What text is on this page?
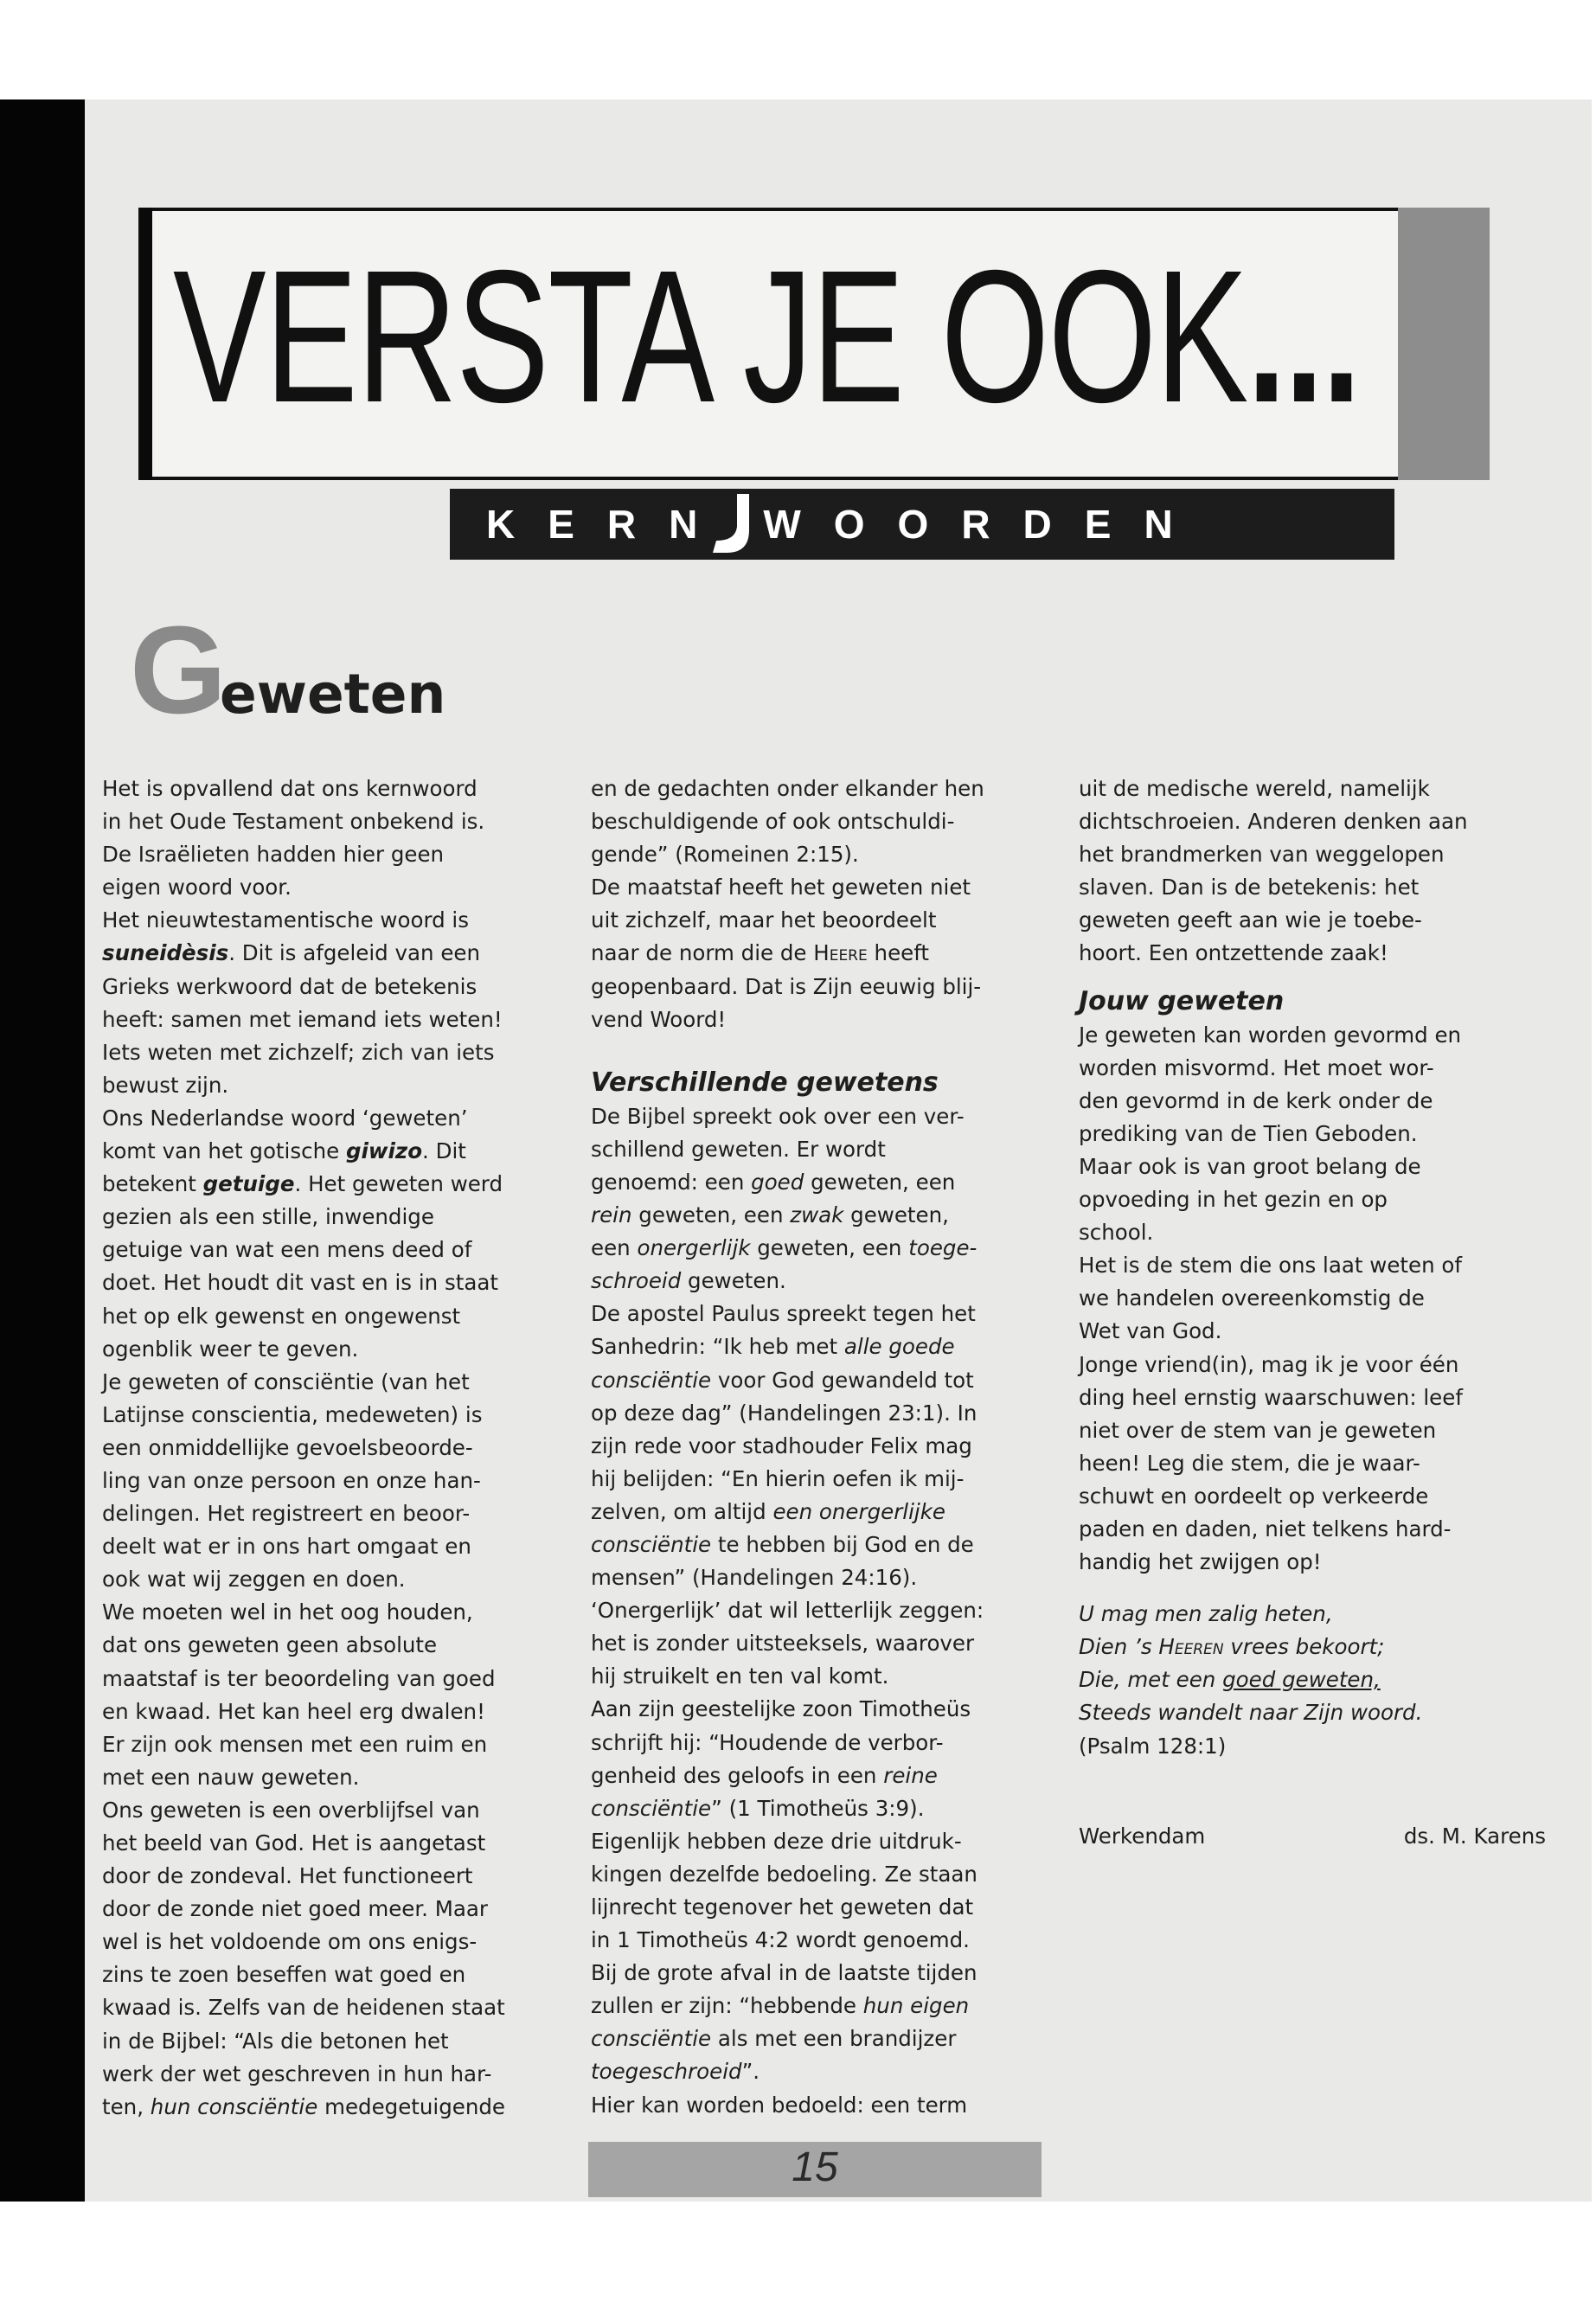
VERSTA JE OOK...
KERN WOORDEN
Geweten

Het is opvallend dat ons kernwoord

in het Oude Testament onbekend is.

De Israëlieten hadden hier geen

eigen woord voor.

Het nieuwtestamentische woord is

suneidèsis. Dit is afgeleid van een

Grieks werkwoord dat de betekenis

heeft: samen met iemand iets weten!

Iets weten met zichzelf; zich van iets

bewust zijn.

Ons Nederlandse woord ‘geweten’

komt van het gotische giwizo. Dit

betekent getuige. Het geweten werd

gezien als een stille, inwendige

getuige van wat een mens deed of

doet. Het houdt dit vast en is in staat

het op elk gewenst en ongewenst

ogenblik weer te geven.

Je geweten of consciëntie (van het

Latijnse conscientia, medeweten) is

een onmiddellijke gevoelsbeoorde-

ling van onze persoon en onze han-

delingen. Het registreert en beoor-

deelt wat er in ons hart omgaat en

ook wat wij zeggen en doen.

We moeten wel in het oog houden,

dat ons geweten geen absolute

maatstaf is ter beoordeling van goed

en kwaad. Het kan heel erg dwalen!

Er zijn ook mensen met een ruim en

met een nauw geweten.

Ons geweten is een overblijfsel van

het beeld van God. Het is aangetast

door de zondeval. Het functioneert

door de zonde niet goed meer. Maar

wel is het voldoende om ons enigs-

zins te zoen beseffen wat goed en

kwaad is. Zelfs van de heidenen staat

in de Bijbel: “Als die betonen het

werk der wet geschreven in hun har-

ten, hun consciëntie medegetuigende

en de gedachten onder elkander hen

beschuldigende of ook ontschuldi-

gende” (Romeinen 2:15).

De maatstaf heeft het geweten niet

uit zichzelf, maar het beoordeelt

naar de norm die de Heere heeft

geopenbaard. Dat is Zijn eeuwig blij-

vend Woord!

Verschillende gewetens

De Bijbel spreekt ook over een ver-

schillend geweten. Er wordt

genoemd: een goed geweten, een

rein geweten, een zwak geweten,

een onergerlijk geweten, een toege-

schroeid geweten.

De apostel Paulus spreekt tegen het

Sanhedrin: “Ik heb met alle goede

consciëntie voor God gewandeld tot

op deze dag” (Handelingen 23:1). In

zijn rede voor stadhouder Felix mag

hij belijden: “En hierin oefen ik mij-

zelven, om altijd een onergerlijke

consciëntie te hebben bij God en de

mensen” (Handelingen 24:16).

‘Onergerlijk’ dat wil letterlijk zeggen:

het is zonder uitsteeksels, waarover

hij struikelt en ten val komt.

Aan zijn geestelijke zoon Timotheüs

schrijft hij: “Houdende de verbor-

genheid des geloofs in een reine

consciëntie” (1 Timotheüs 3:9).

Eigenlijk hebben deze drie uitdruk-

kingen dezelfde bedoeling. Ze staan

lijnrecht tegenover het geweten dat

in 1 Timotheüs 4:2 wordt genoemd.

Bij de grote afval in de laatste tijden

zullen er zijn: “hebbende hun eigen

consciëntie als met een brandijzer

toegeschroeid”.

Hier kan worden bedoeld: een term

uit de medische wereld, namelijk

dichtschroeien. Anderen denken aan

het brandmerken van weggelopen

slaven. Dan is de betekenis: het

geweten geeft aan wie je toebe-

hoort. Een ontzettende zaak!

Jouw geweten

Je geweten kan worden gevormd en

worden misvormd. Het moet wor-

den gevormd in de kerk onder de

prediking van de Tien Geboden.

Maar ook is van groot belang de

opvoeding in het gezin en op

school.

Het is de stem die ons laat weten of

we handelen overeenkomstig de

Wet van God.

Jonge vriend(in), mag ik je voor één

ding heel ernstig waarschuwen: leef

niet over de stem van je geweten

heen! Leg die stem, die je waar-

schuwt en oordeelt op verkeerde

paden en daden, niet telkens hard-

handig het zwijgen op!

U mag men zalig heten,

Dien ’s Heeren vrees bekoort;

Die, met een goed geweten,

Steeds wandelt naar Zijn woord.

(Psalm 128:1)

Werkendam	ds. M. Karens
15
